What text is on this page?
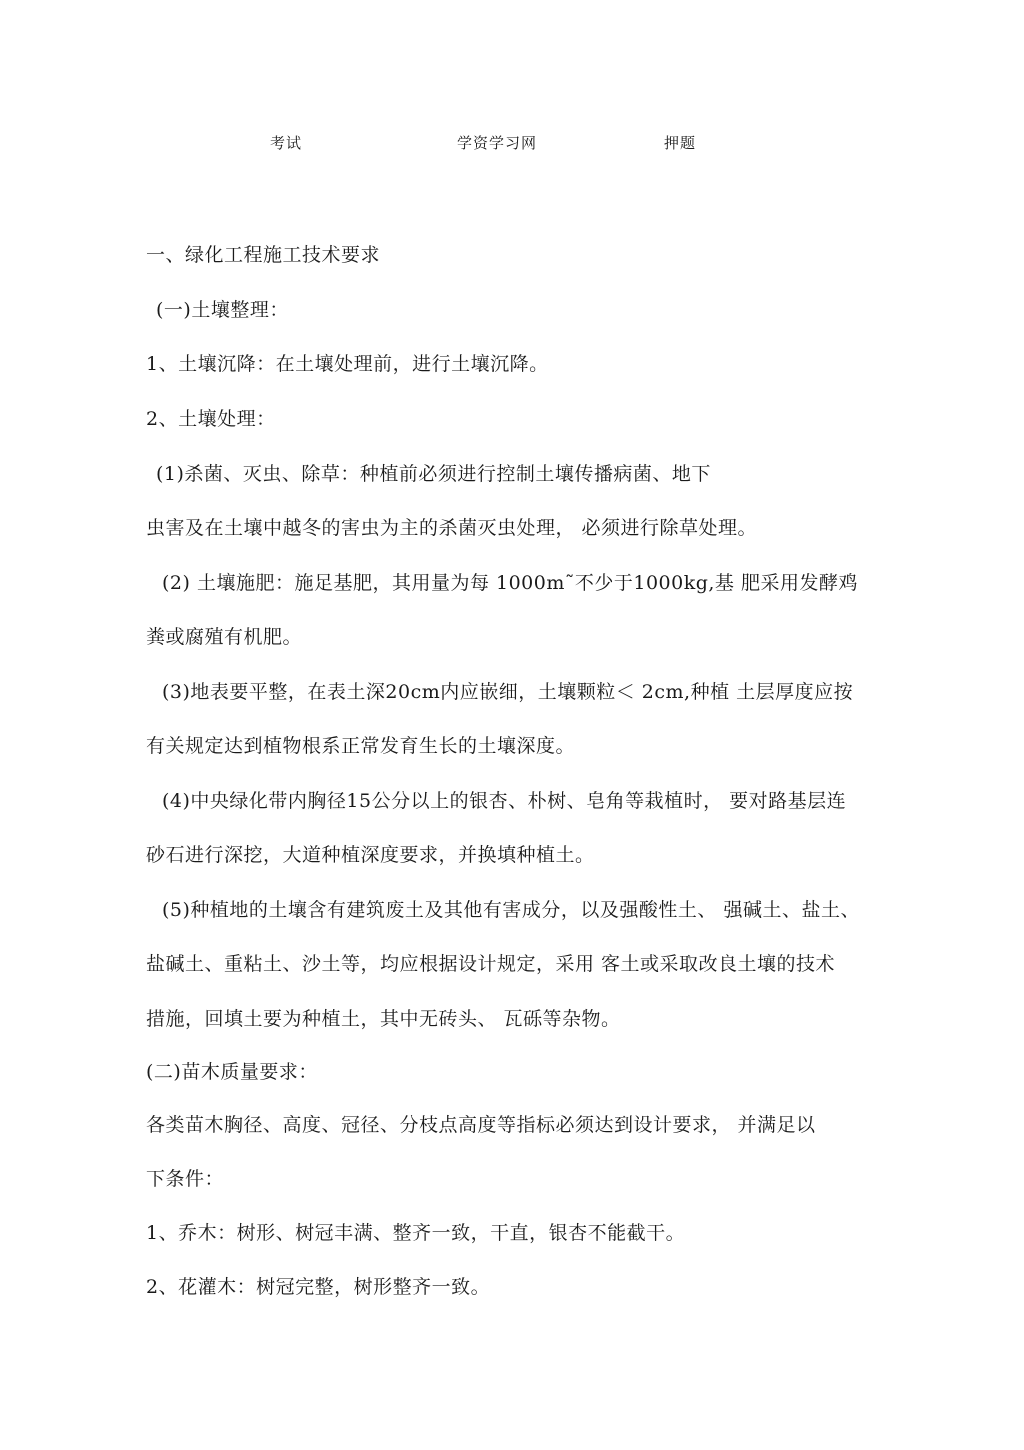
考试	学资学习网	押题
一、绿化工程施工技术要求
(一)土壤整理：
1、土壤沉降：在土壤处理前，进行土壤沉降。
2、土壤处理：
(1)杀菌、灭虫、除草：种植前必须进行控制土壤传播病菌、地下
虫害及在土壤中越冬的害虫为主的杀菌灭虫处理， 必须进行除草处理。
(2) 土壤施肥：施足基肥，其用量为每 1000m˜不少于1000kg,基 肥采用发酵鸡
粪或腐殖有机肥。
(3)地表要平整，在表土深20cm内应嵌细，土壤颗粒＜ 2cm,种植 土层厚度应按
有关规定达到植物根系正常发育生长的土壤深度。
(4)中央绿化带内胸径15公分以上的银杏、朴树、皂角等栽植时， 要对路基层连
砂石进行深挖，大道种植深度要求，并换填种植土。
(5)种植地的土壤含有建筑废土及其他有害成分，以及强酸性土、 强碱土、盐土、
盐碱土、重粘土、沙土等，均应根据设计规定，采用 客土或采取改良土壤的技术
措施，回填土要为种植土，其中无砖头、 瓦砾等杂物。
(二)苗木质量要求：
各类苗木胸径、高度、冠径、分枝点高度等指标必须达到设计要求， 并满足以
下条件：
1、乔木：树形、树冠丰满、整齐一致，干直，银杏不能截干。
2、花灌木：树冠完整，树形整齐一致。
